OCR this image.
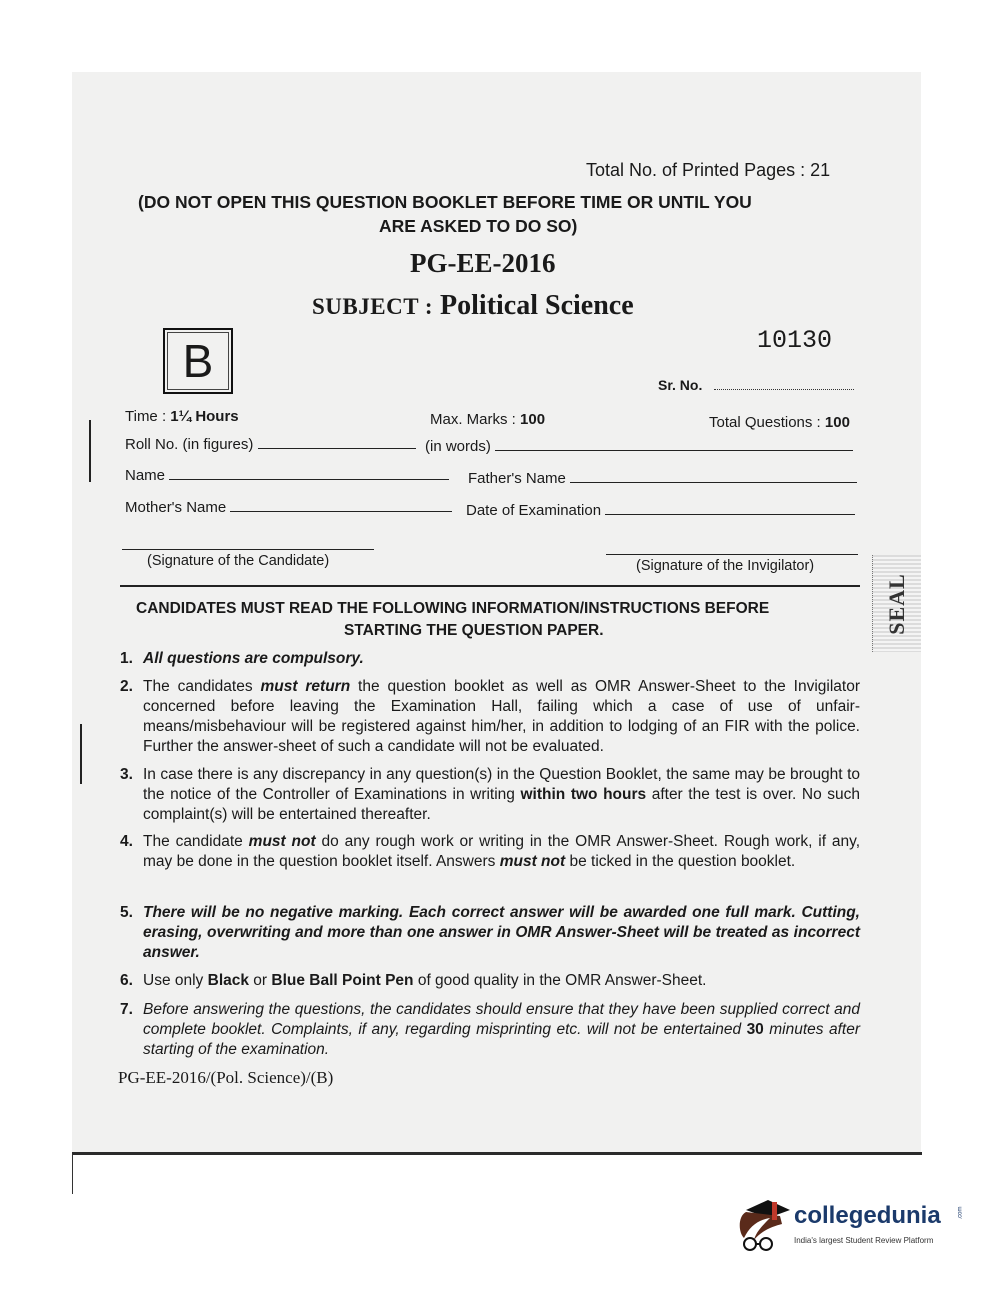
Total No. of Printed Pages : 21
(DO NOT OPEN THIS QUESTION BOOKLET BEFORE TIME OR UNTIL YOU
ARE ASKED TO DO SO)
PG-EE-2016
SUBJECT : Political Science
10130
B	Sr. No.
Time : 1¼ Hours	Max. Marks : 100	Total Questions : 100
Roll No. (in figures)	(in words)
Name	Father's Name
Mother's Name	Date of Examination
(Signature of the Candidate)	(Signature of the Invigilator)
SEAL
CANDIDATES MUST READ THE FOLLOWING INFORMATION/INSTRUCTIONS BEFORE
STARTING THE QUESTION PAPER.
1. All questions are compulsory.
2. The candidates must return the question booklet as well as OMR Answer-Sheet to the Invigilator concerned before leaving the Examination Hall, failing which a case of use of unfair-means/misbehaviour will be registered against him/her, in addition to lodging of an FIR with the police. Further the answer-sheet of such a candidate will not be evaluated.
3. In case there is any discrepancy in any question(s) in the Question Booklet, the same may be brought to the notice of the Controller of Examinations in writing within two hours after the test is over. No such complaint(s) will be entertained thereafter.
4. The candidate must not do any rough work or writing in the OMR Answer-Sheet. Rough work, if any, may be done in the question booklet itself. Answers must not be ticked in the question booklet.
5. There will be no negative marking. Each correct answer will be awarded one full mark. Cutting, erasing, overwriting and more than one answer in OMR Answer-Sheet will be treated as incorrect answer.
6. Use only Black or Blue Ball Point Pen of good quality in the OMR Answer-Sheet.
7. Before answering the questions, the candidates should ensure that they have been supplied correct and complete booklet. Complaints, if any, regarding misprinting etc. will not be entertained 30 minutes after starting of the examination.
PG-EE-2016/(Pol. Science)/(B)
collegedunia	.com
India's largest Student Review Platform
